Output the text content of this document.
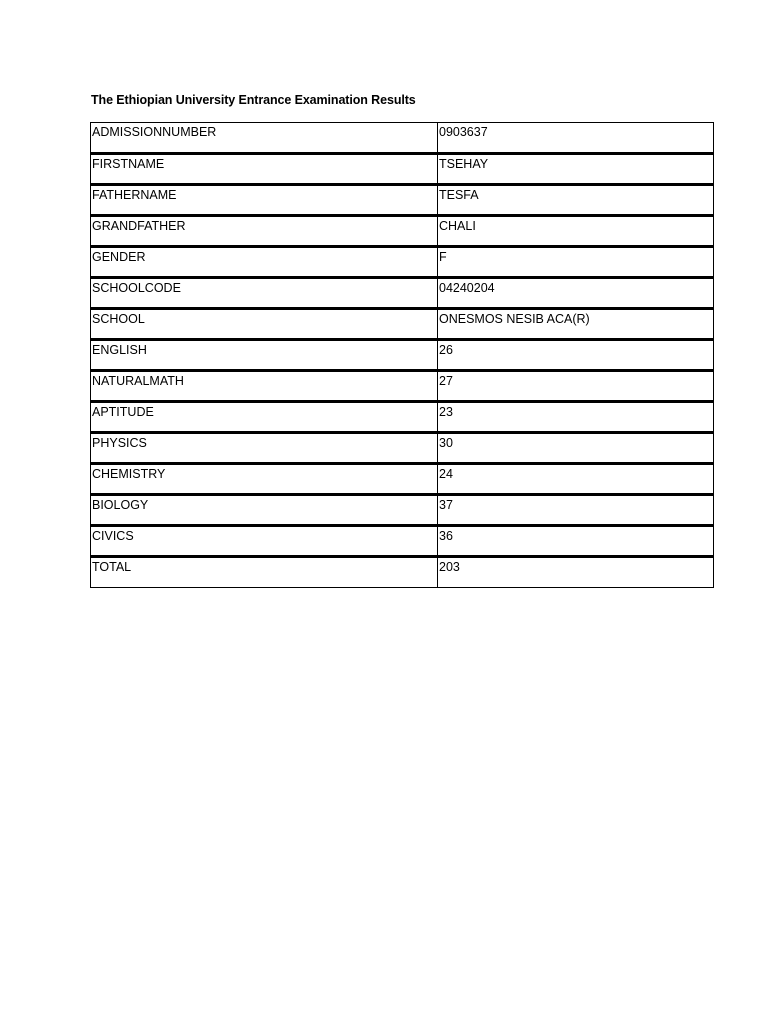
The Ethiopian University Entrance Examination Results
ADMISSIONNUMBER	0903637
FIRSTNAME	TSEHAY
FATHERNAME	TESFA
GRANDFATHER	CHALI
GENDER	F
SCHOOLCODE	04240204
SCHOOL	ONESMOS NESIB ACA(R)
ENGLISH	26
NATURALMATH	27
APTITUDE	23
PHYSICS	30
CHEMISTRY	24
BIOLOGY	37
CIVICS	36
TOTAL	203
